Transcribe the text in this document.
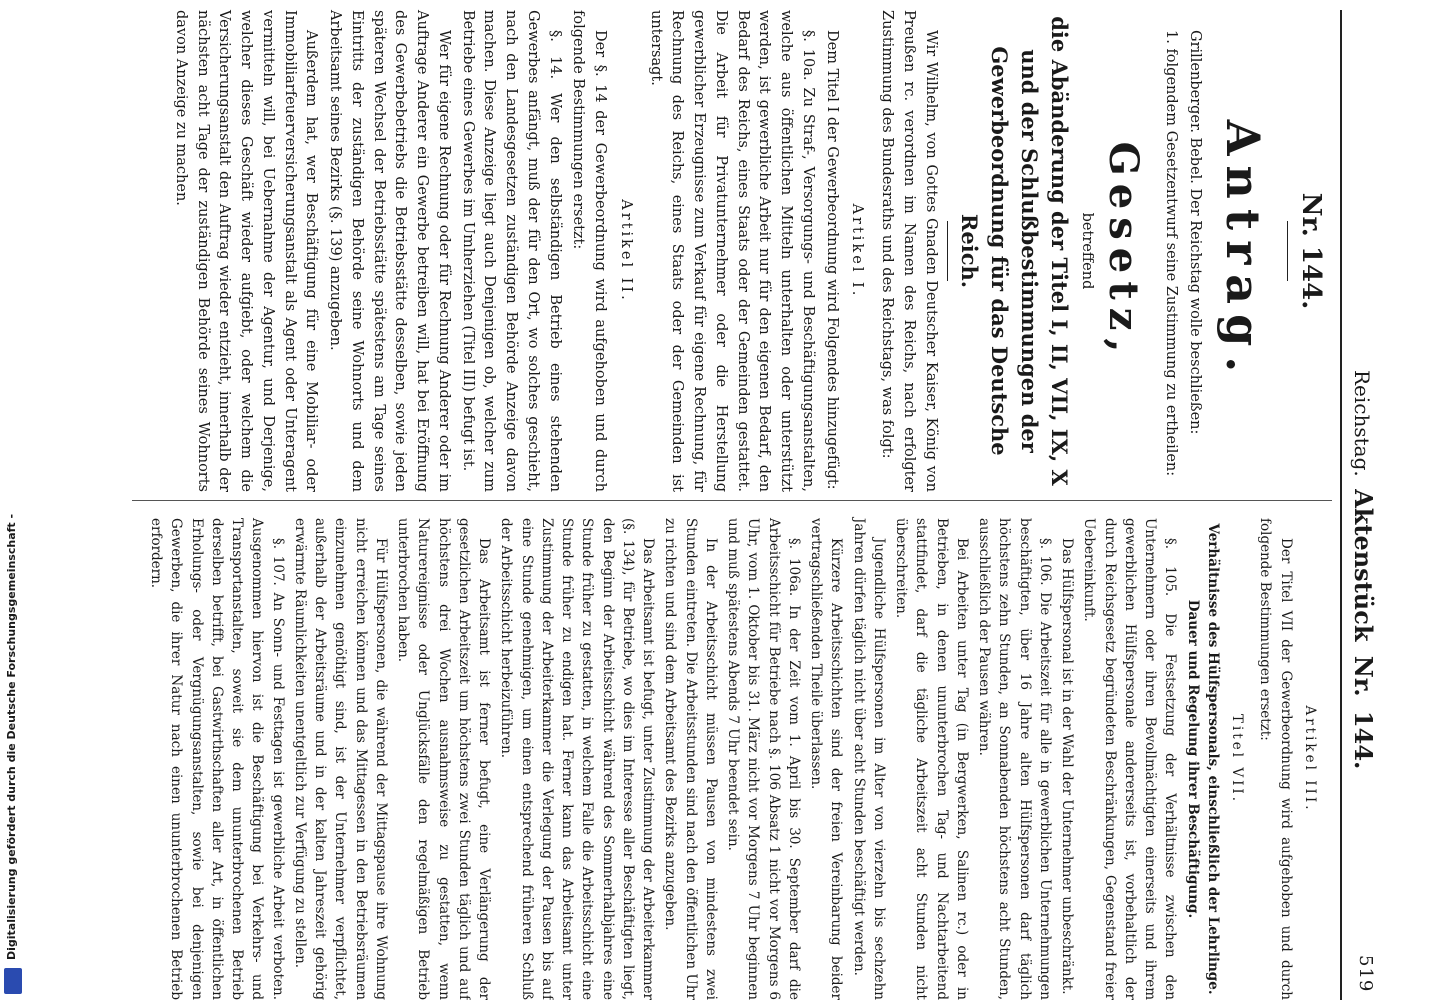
Digitalisierung gefördert durch die Deutsche Forschungsgemeinschaft -
Reichstag. Aktenstück Nr. 144.
519
Nr. 144.
Antrag.

Grillenberger. Bebel. Der Reichstag wolle beschließen:

1. folgendem Gesetzentwurf seine Zustimmung zu ertheilen:

Gesetz,
betreffend
die Abänderung der Titel I, II, VII, IX, X und der Schlußbestimmungen der Gewerbeordnung für das Deutsche Reich.

Wir Wilhelm, von Gottes Gnaden Deutscher Kaiser, König von Preußen rc. verordnen im Namen des Reichs, nach erfolgter Zustimmung des Bundesraths und des Reichstags, was folgt:

Artikel I.

Dem Titel I der Gewerbeordnung wird Folgendes hinzugefügt:

§. 10a. Zu Straf-, Versorgungs- und Beschäftigungsanstalten, welche aus öffentlichen Mitteln unterhalten oder unterstützt werden, ist gewerbliche Arbeit nur für den eigenen Bedarf, den Bedarf des Reichs, eines Staats oder der Gemeinden gestattet. Die Arbeit für Privatunternehmer oder die Herstellung gewerblicher Erzeugnisse zum Verkauf für eigene Rechnung, für Rechnung des Reichs, eines Staats oder der Gemeinden ist untersagt.

Artikel II.

Der §. 14 der Gewerbeordnung wird aufgehoben und durch folgende Bestimmungen ersetzt:

§. 14. Wer den selbständigen Betrieb eines stehenden Gewerbes anfängt, muß der für den Ort, wo solches geschieht, nach den Landesgesetzen zuständigen Behörde Anzeige davon machen. Diese Anzeige liegt auch Denjenigen ob, welcher zum Betriebe eines Gewerbes im Umherziehen (Titel III) befugt ist.

Wer für eigene Rechnung oder für Rechnung Anderer oder im Auftrage Anderer ein Gewerbe betreiben will, hat bei Eröffnung des Gewerbebetriebs die Betriebsstätte desselben, sowie jeden späteren Wechsel der Betriebsstätte spätestens am Tage seines Eintritts der zuständigen Behörde seine Wohnorts und dem Arbeitsamt seines Bezirks (§. 139) anzugeben.

Außerdem hat, wer Beschäftigung für eine Mobiliar- oder Immobiliarfeuerversicherungsanstalt als Agent oder Unteragent vermitteln will, bei Uebernahme der Agentur, und Derjenige, welcher dieses Geschäft wieder aufgiebt, oder welchem die Versicherungsanstalt den Auftrag wieder entzieht, innerhalb der nächsten acht Tage der zuständigen Behörde seines Wohnorts davon Anzeige zu machen.

Artikel III.

Der Titel VII der Gewerbeordnung wird aufgehoben und durch folgende Bestimmungen ersetzt:

Titel VII.
Verhältnisse des Hülfspersonals, einschließlich der Lehrlinge. Dauer und Regelung ihrer Beschäftigung.

§. 105. Die Festsetzung der Verhältnisse zwischen den Unternehmern oder ihren Bevollmächtigten einerseits und ihrem gewerblichen Hülfspersonale andererseits ist, vorbehaltlich der durch Reichsgesetz begründeten Beschränkungen, Gegenstand freier Uebereinkunft.

Das Hülfspersonal ist in der Wahl der Unternehmer unbeschränkt.

§. 106. Die Arbeitszeit für alle in gewerblichen Unternehmungen beschäftigten, über 16 Jahre alten Hülfspersonen darf täglich höchstens zehn Stunden, an Sonnabenden höchstens acht Stunden, ausschließlich der Pausen währen.

Bei Arbeiten unter Tag (in Bergwerken, Salinen rc.) oder in Betrieben, in denen ununterbrochen Tag- und Nachtarbeitend stattfindet, darf die tägliche Arbeitszeit acht Stunden nicht überschreiten.

Jugendliche Hülfspersonen im Alter von vierzehn bis sechzehn Jahren dürfen täglich nicht über acht Stunden beschäftigt werden.

Kürzere Arbeitsschichten sind der freien Vereinbarung beider vertragschließenden Theile überlassen.

§. 106a. In der Zeit vom 1. April bis 30. September darf die Arbeitsschicht für Betriebe nach §. 106 Absatz 1 nicht vor Morgens 6 Uhr, vom 1. Oktober bis 31. März nicht vor Morgens 7 Uhr beginnen und muß spätestens Abends 7 Uhr beendet sein.

In der Arbeitsschicht müssen Pausen von mindestens zwei Stunden eintreten. Die Arbeitsstunden sind nach den öffentlichen Uhr zu richten und sind dem Arbeitsamt des Bezirks anzugeben.

Das Arbeitsamt ist befugt, unter Zustimmung der Arbeiterkammer (§. 134), für Betriebe, wo dies im Interesse aller Beschäftigten liegt, den Beginn der Arbeitsschicht während des Sommerhalbjahres eine Stunde früher zu gestatten, in welchem Falle die Arbeitsschicht eine Stunde früher zu endigen hat. Ferner kann das Arbeitsamt unter Zustimmung der Arbeiterkammer die Verlegung der Pausen bis auf eine Stunde genehmigen, um einen entsprechend früheren Schluß der Arbeitsschicht herbeizuführen.

Das Arbeitsamt ist ferner befugt, eine Verlängerung der gesetzlichen Arbeitszeit um höchstens zwei Stunden täglich und auf höchstens drei Wochen ausnahmsweise zu gestatten, wenn Naturereignisse oder Unglücksfälle den regelmäßigen Betrieb unterbrochen haben.

Für Hülfspersonen, die während der Mittagspause ihre Wohnung nicht erreichen können und das Mittagessen in den Betriebsräumen einzunehmen genöthigt sind, ist der Unternehmer verpflichtet, außerhalb der Arbeitsräume und in der kalten Jahreszeit gehörig erwärmte Räumlichkeiten unentgeltlich zur Verfügung zu stellen.

§. 107. An Sonn- und Festtagen ist gewerbliche Arbeit verboten. Ausgenommen hiervon ist die Beschäftigung bei Verkehrs- und Transportanstalten, soweit sie dem ununterbrochenen Betrieb derselben betrifft, bei Gastwirthschaften aller Art, in öffentlichen Erholungs- oder Vergnügungsanstalten, sowie bei denjenigen Gewerben, die ihrer Natur nach einen ununterbrochenen Betrieb erfordern.
